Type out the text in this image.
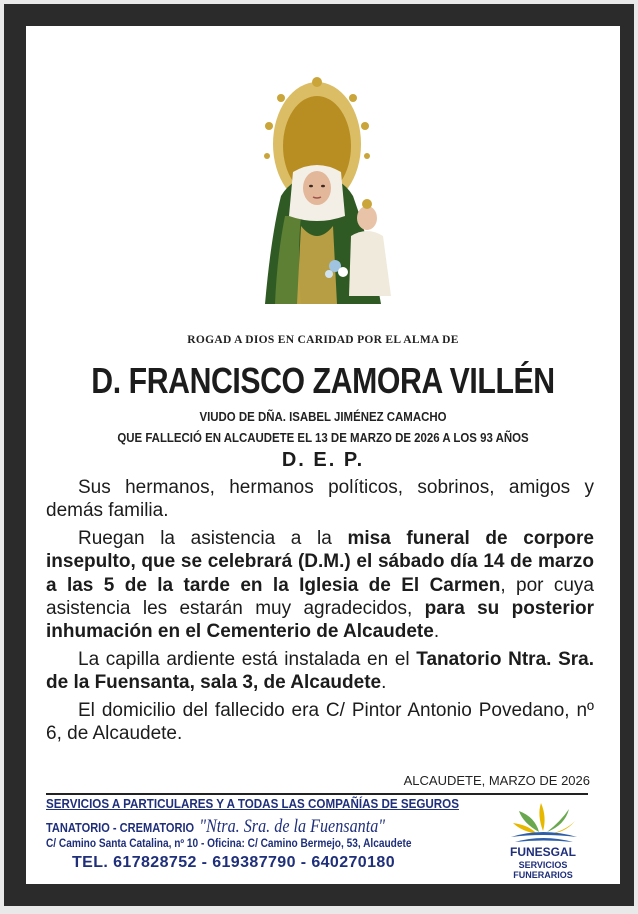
ROGAD A DIOS EN CARIDAD POR EL ALMA DE
D. FRANCISCO ZAMORA VILLÉN
VIUDO DE DÑA. ISABEL JIMÉNEZ CAMACHO
QUE FALLECIÓ EN ALCAUDETE EL 13 DE MARZO DE 2026 A LOS 93 AÑOS
D. E. P.

Sus hermanos, hermanos políticos, sobrinos, amigos y demás familia.

Ruegan la asistencia a la misa funeral de corpore insepulto, que se celebrará (D.M.) el sábado día 14 de marzo a las 5 de la tarde en la Iglesia de El Carmen, por cuya asistencia les estarán muy agradecidos, para su posterior inhumación en el Cementerio de Alcaudete.

La capilla ardiente está instalada en el Tanatorio Ntra. Sra. de la Fuensanta, sala 3, de Alcaudete.

El domicilio del fallecido era C/ Pintor Antonio Povedano, nº 6, de Alcaudete.

ALCAUDETE, MARZO DE 2026
SERVICIOS A PARTICULARES Y A TODAS LAS COMPAÑÍAS DE SEGUROS
TANATORIO - CREMATORIO "Ntra. Sra. de la Fuensanta"
C/ Camino Santa Catalina, nº 10 - Oficina: C/ Camino Bermejo, 53, Alcaudete
TEL. 617828752 - 619387790 - 640270180
FUNESGAL
SERVICIOS FUNERARIOS
